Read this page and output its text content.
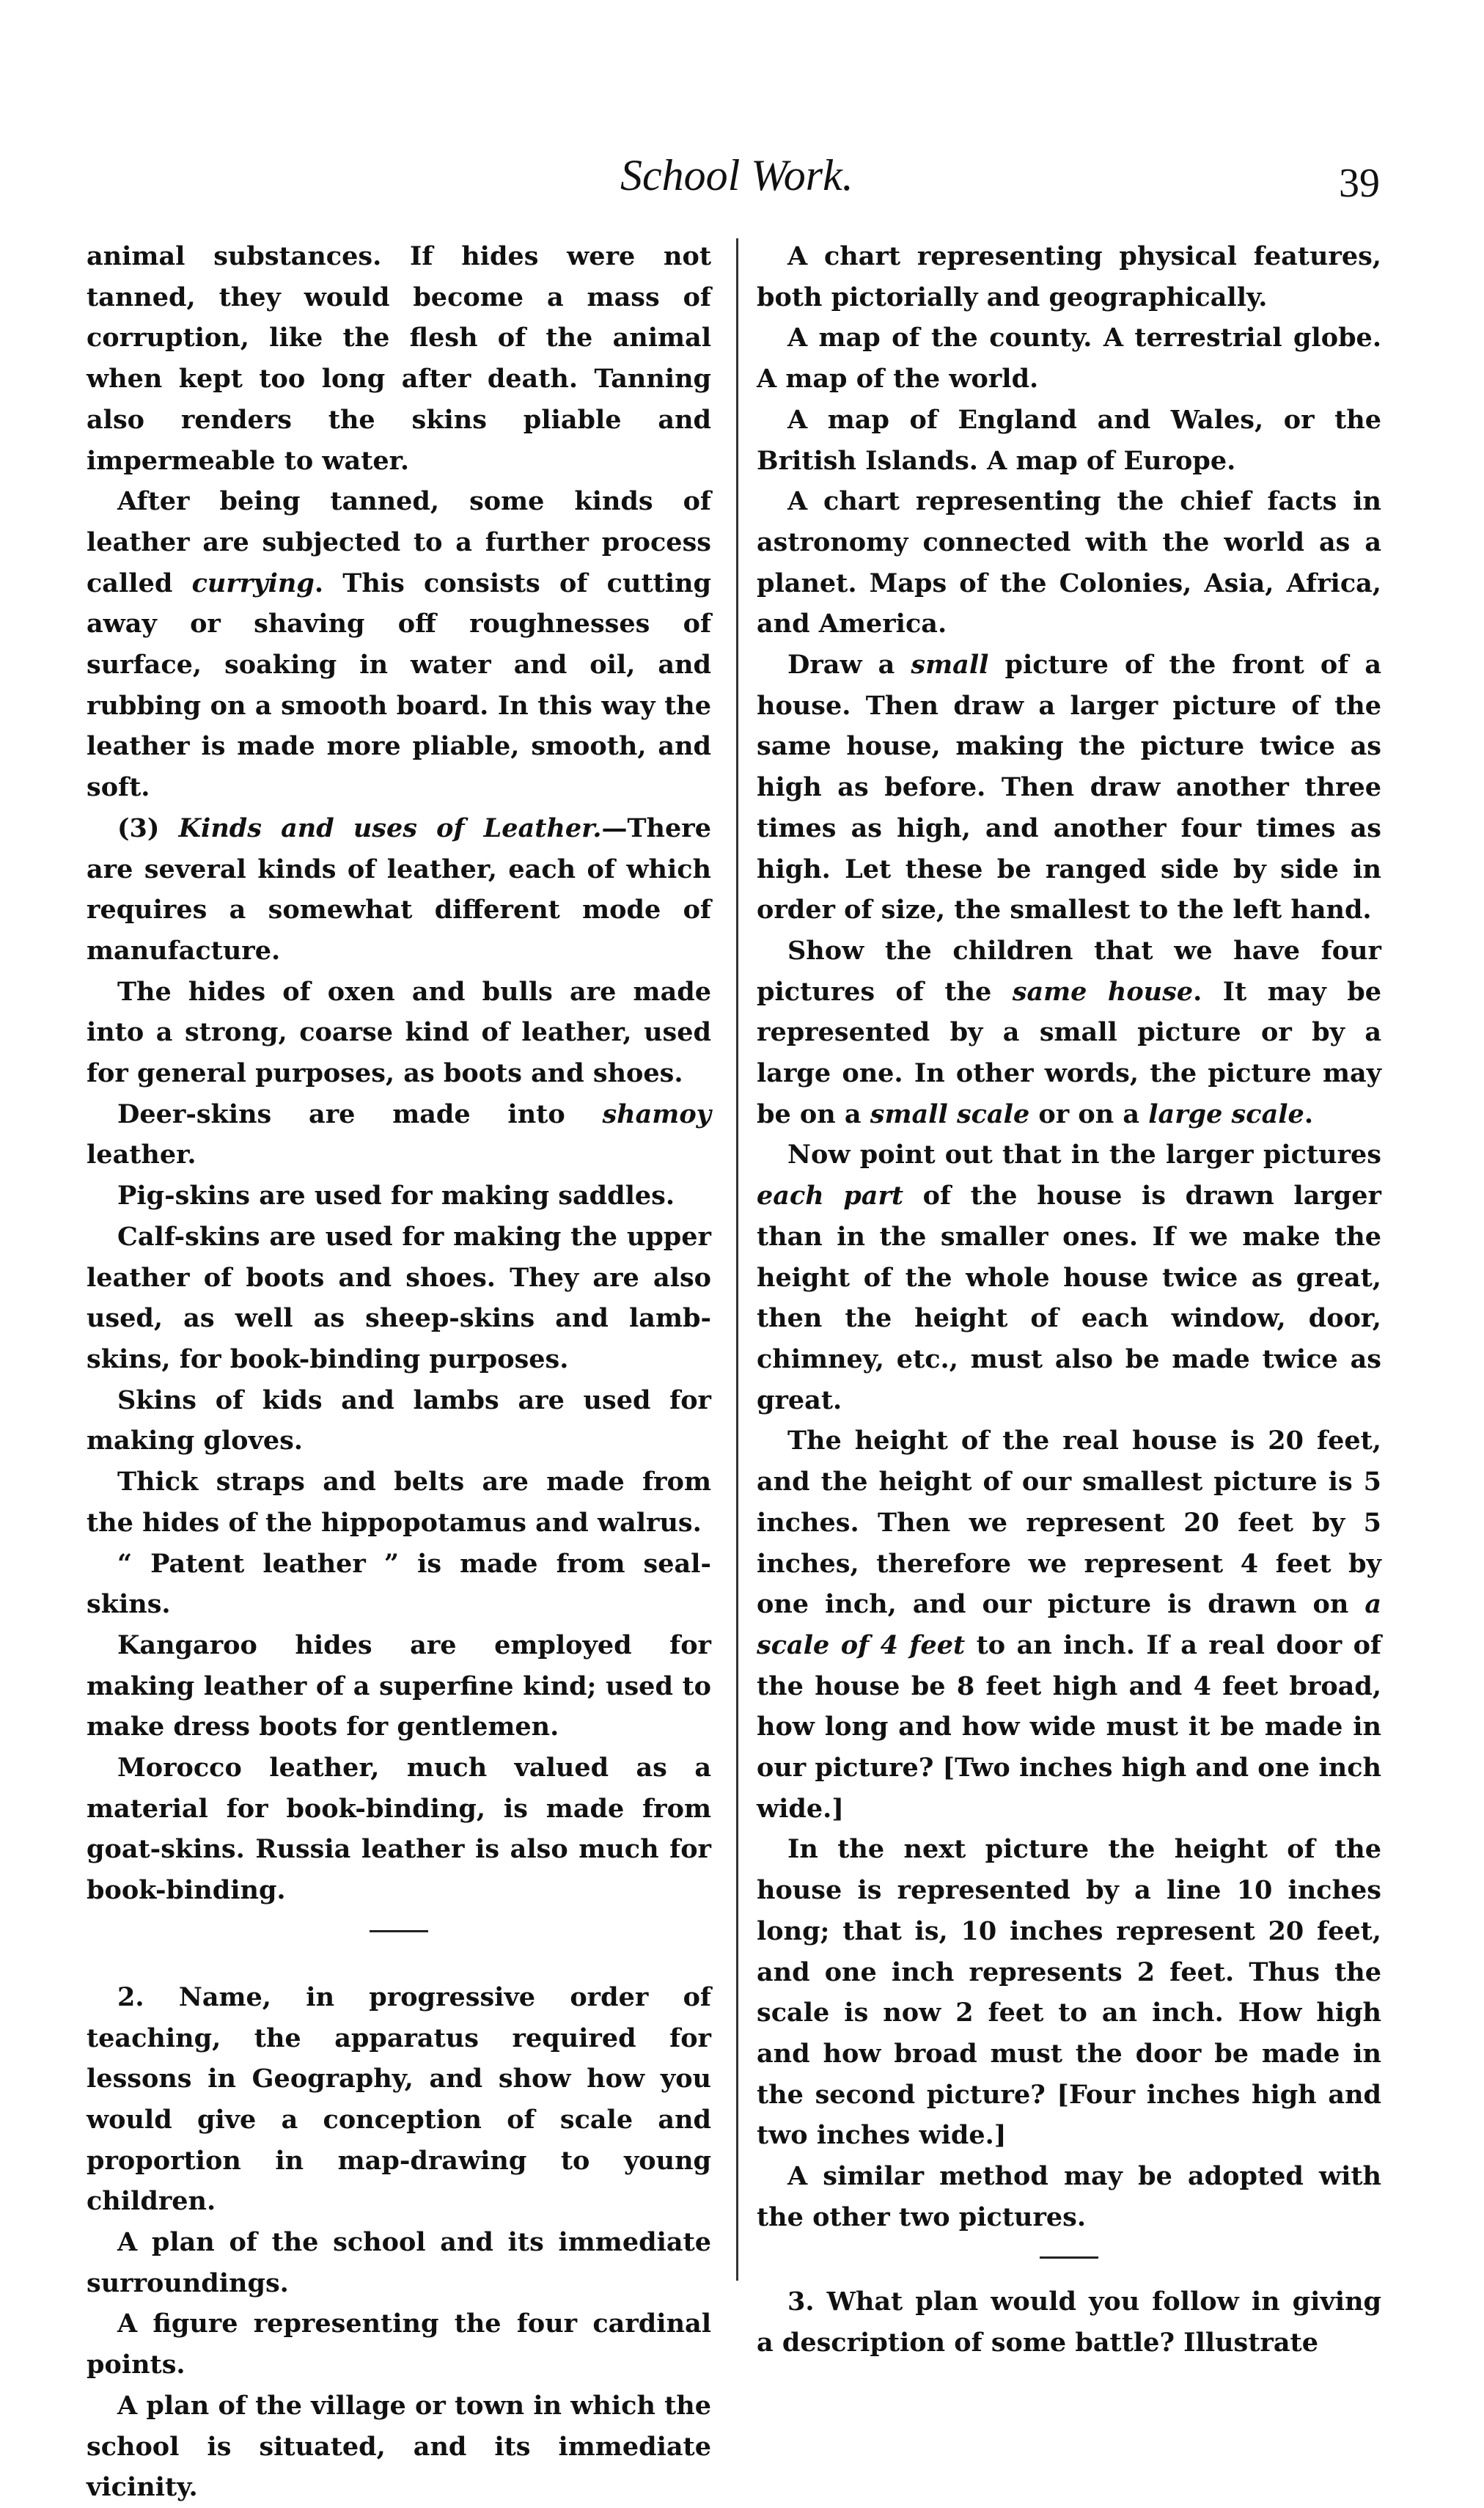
School Work.	39

animal substances. If hides were not tanned, they would become a mass of corruption, like the flesh of the animal when kept too long after death. Tanning also renders the skins pliable and impermeable to water.

After being tanned, some kinds of leather are subjected to a further process called currying. This consists of cutting away or shaving off roughnesses of surface, soaking in water and oil, and rubbing on a smooth board. In this way the leather is made more pliable, smooth, and soft.

(3) Kinds and uses of Leather.—There are several kinds of leather, each of which requires a somewhat different mode of manufacture.

The hides of oxen and bulls are made into a strong, coarse kind of leather, used for general purposes, as boots and shoes.

Deer-skins are made into shamoy leather.

Pig-skins are used for making saddles.

Calf-skins are used for making the upper leather of boots and shoes. They are also used, as well as sheep-skins and lamb-skins, for book-binding purposes.

Skins of kids and lambs are used for making gloves.

Thick straps and belts are made from the hides of the hippopotamus and walrus.

“ Patent leather ” is made from seal-skins.

Kangaroo hides are employed for making leather of a superfine kind; used to make dress boots for gentlemen.

Morocco leather, much valued as a material for book-binding, is made from goat-skins. Russia leather is also much for book-binding.

2. Name, in progressive order of teaching, the apparatus required for lessons in Geography, and show how you would give a conception of scale and proportion in map-drawing to young children.

A plan of the school and its immediate surroundings.

A figure representing the four cardinal points.

A plan of the village or town in which the school is situated, and its immediate vicinity.

A chart representing physical features, both pictorially and geographically.

A map of the county. A terrestrial globe. A map of the world.

A map of England and Wales, or the British Islands. A map of Europe.

A chart representing the chief facts in astronomy connected with the world as a planet. Maps of the Colonies, Asia, Africa, and America.

Draw a small picture of the front of a house. Then draw a larger picture of the same house, making the picture twice as high as before. Then draw another three times as high, and another four times as high. Let these be ranged side by side in order of size, the smallest to the left hand.

Show the children that we have four pictures of the same house. It may be represented by a small picture or by a large one. In other words, the picture may be on a small scale or on a large scale.

Now point out that in the larger pictures each part of the house is drawn larger than in the smaller ones. If we make the height of the whole house twice as great, then the height of each window, door, chimney, etc., must also be made twice as great.

The height of the real house is 20 feet, and the height of our smallest picture is 5 inches. Then we represent 20 feet by 5 inches, therefore we represent 4 feet by one inch, and our picture is drawn on a scale of 4 feet to an inch. If a real door of the house be 8 feet high and 4 feet broad, how long and how wide must it be made in our picture? [Two inches high and one inch wide.]

In the next picture the height of the house is represented by a line 10 inches long; that is, 10 inches represent 20 feet, and one inch represents 2 feet. Thus the scale is now 2 feet to an inch. How high and how broad must the door be made in the second picture? [Four inches high and two inches wide.]

A similar method may be adopted with the other two pictures.

3. What plan would you follow in giving a description of some battle? Illustrate
